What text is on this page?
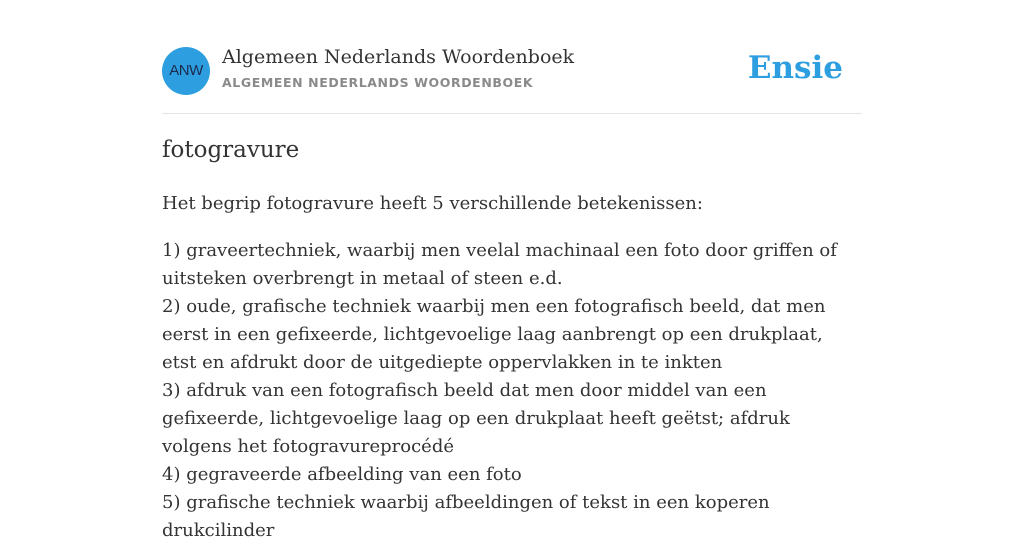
ANW
Algemeen Nederlands Woordenboek
ALGEMEEN NEDERLANDS WOORDENBOEK	Ensie
fotogravure

Het begrip fotogravure heeft 5 verschillende betekenissen:

1) graveertechniek, waarbij men veelal machinaal een foto door griffen of uitsteken overbrengt in metaal of steen e.d.
2) oude, grafische techniek waarbij men een fotografisch beeld, dat men eerst in een gefixeerde, lichtgevoelige laag aanbrengt op een drukplaat, etst en afdrukt door de uitgediepte oppervlakken in te inkten
3) afdruk van een fotografisch beeld dat men door middel van een gefixeerde, lichtgevoelige laag op een drukplaat heeft geëtst; afdruk volgens het fotogravureprocédé
4) gegraveerde afbeelding van een foto
5) grafische techniek waarbij afbeeldingen of tekst in een koperen drukcilinder
